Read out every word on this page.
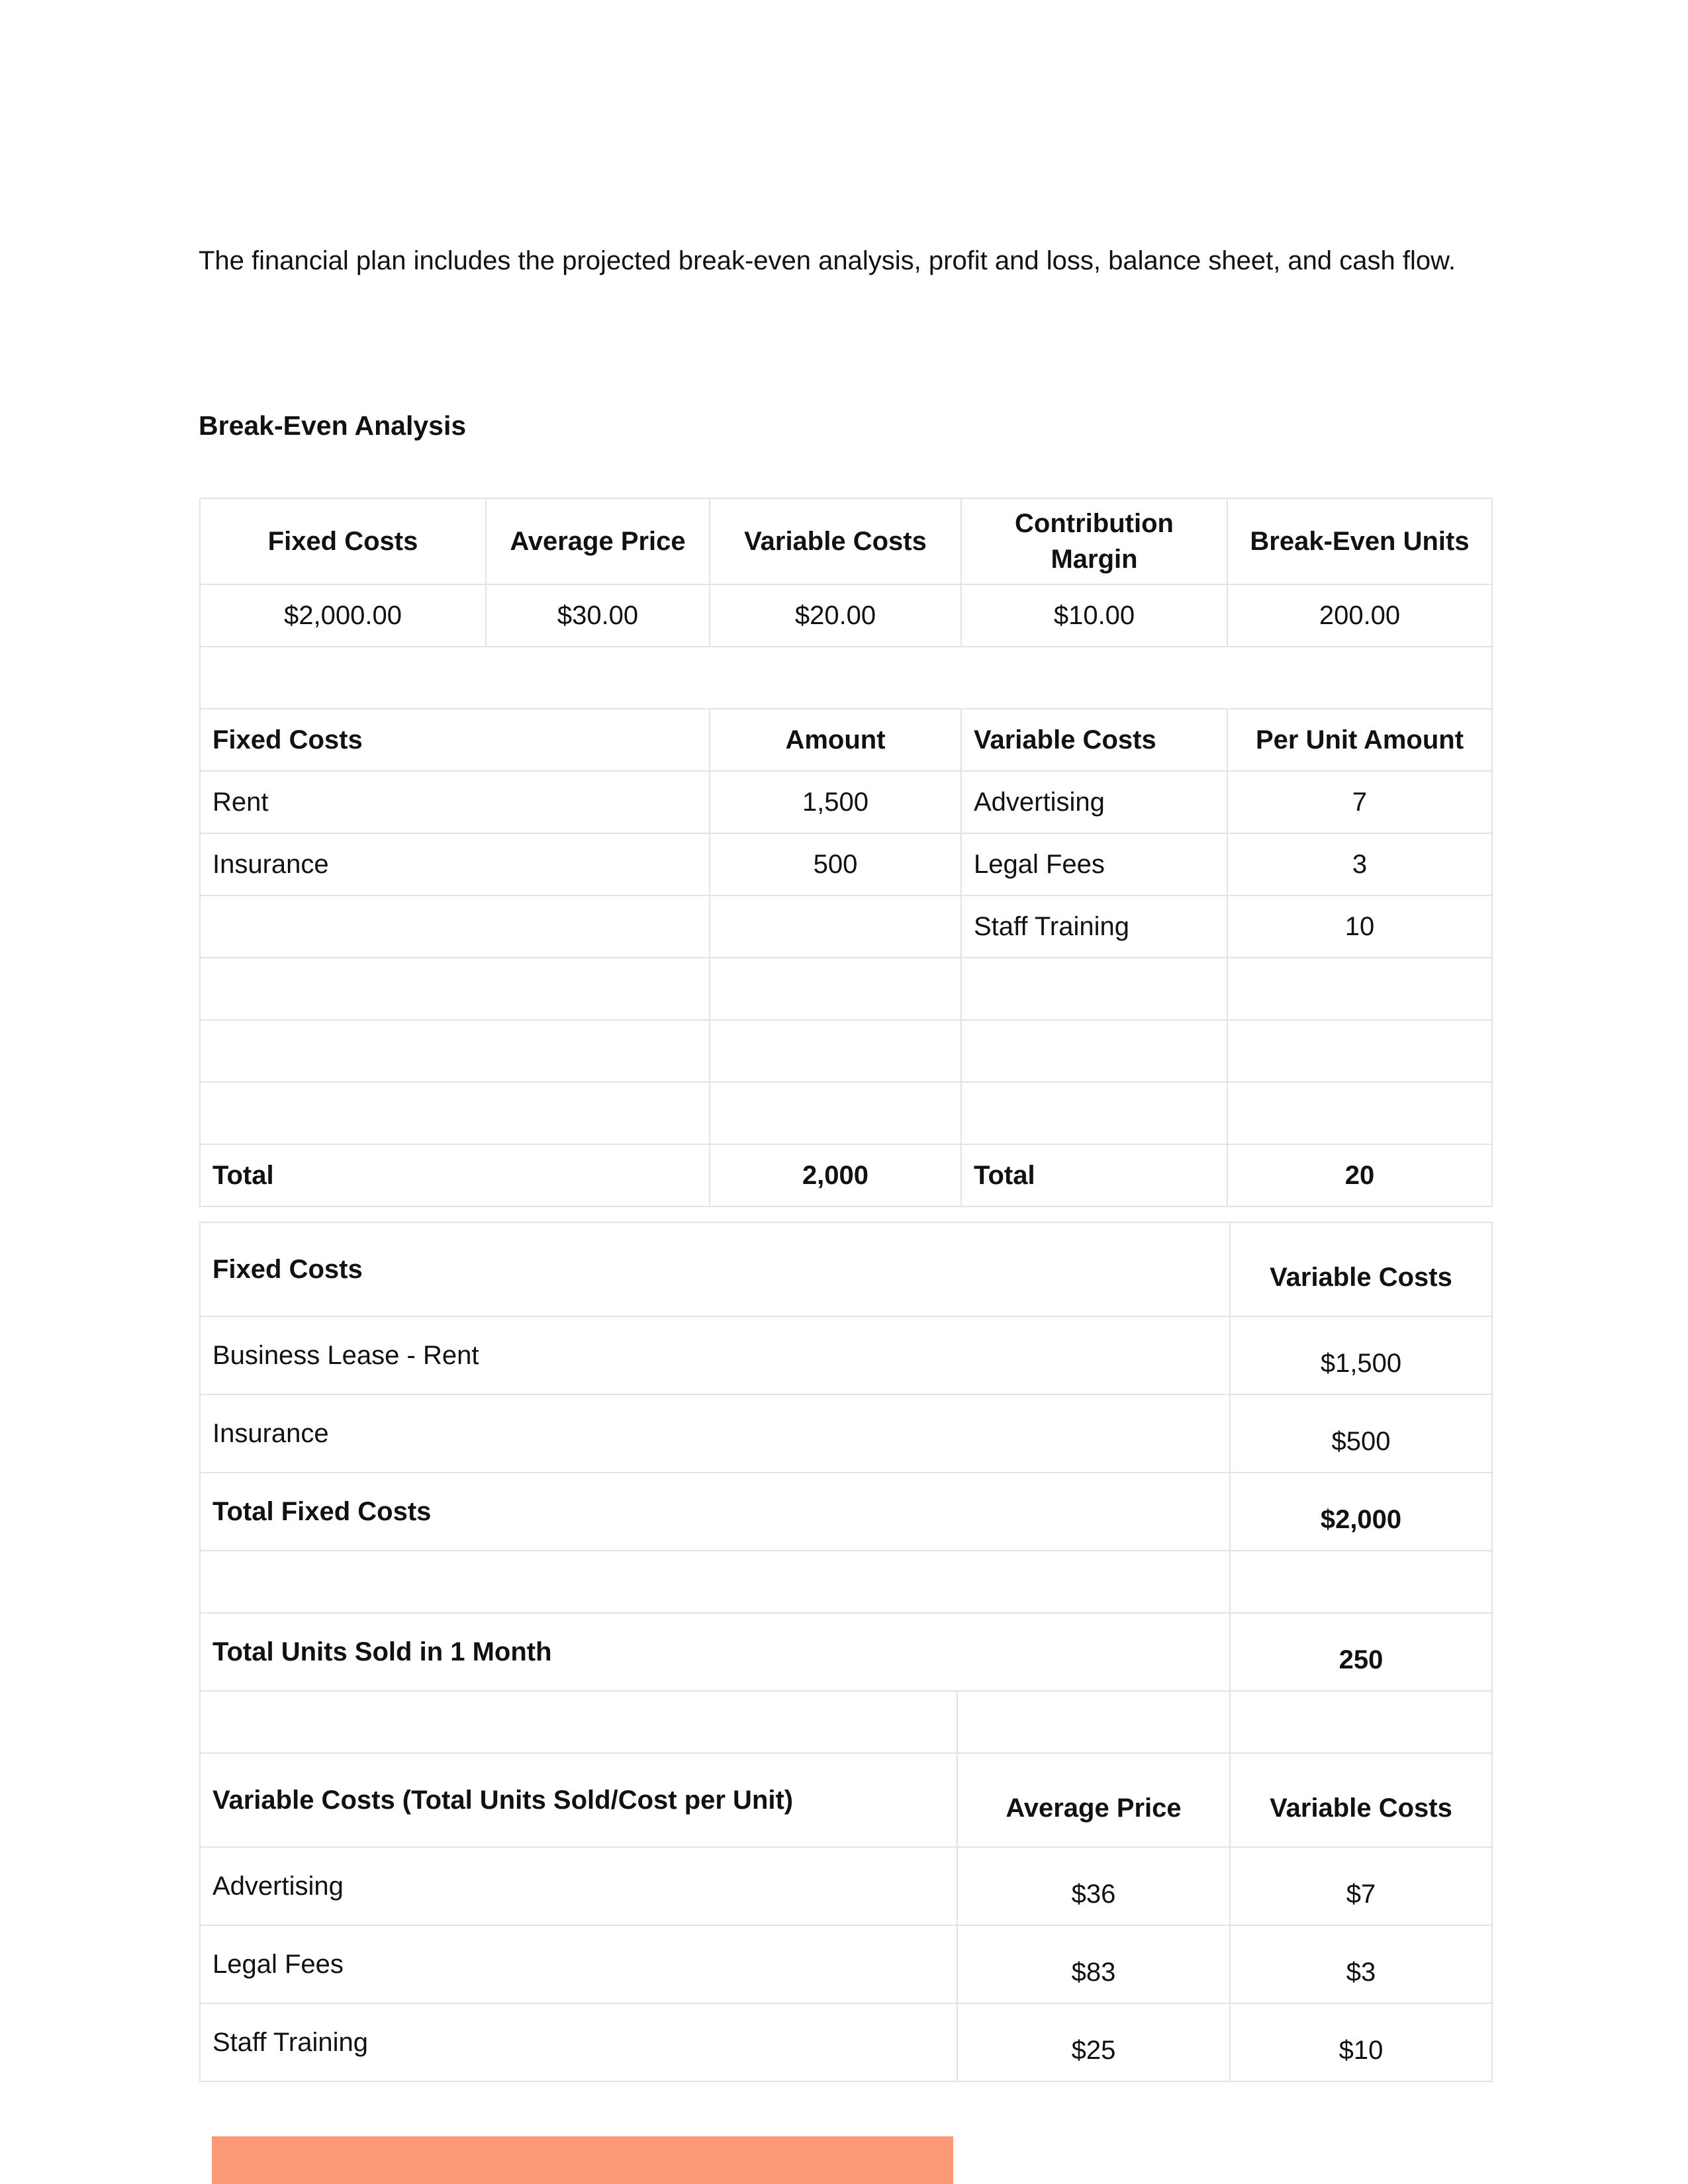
The financial plan includes the projected break-even analysis, profit and loss, balance sheet, and cash flow.

Break-Even Analysis
Fixed Costs	Average Price	Variable Costs	Contribution Margin	Break-Even Units
$2,000.00	$30.00	$20.00	$10.00	200.00

Fixed Costs		Amount	Variable Costs	Per Unit Amount
Rent		1,500	Advertising	7
Insurance		500	Legal Fees	3
			Staff Training	10

Total		2,000	Total	20
Fixed Costs		Variable Costs
Business Lease - Rent		$1,500
Insurance		$500
Total Fixed Costs		$2,000

Total Units Sold in 1 Month		250

Variable Costs (Total Units Sold/Cost per Unit)	Average Price	Variable Costs
Advertising	$36	$7
Legal Fees	$83	$3
Staff Training	$25	$10
